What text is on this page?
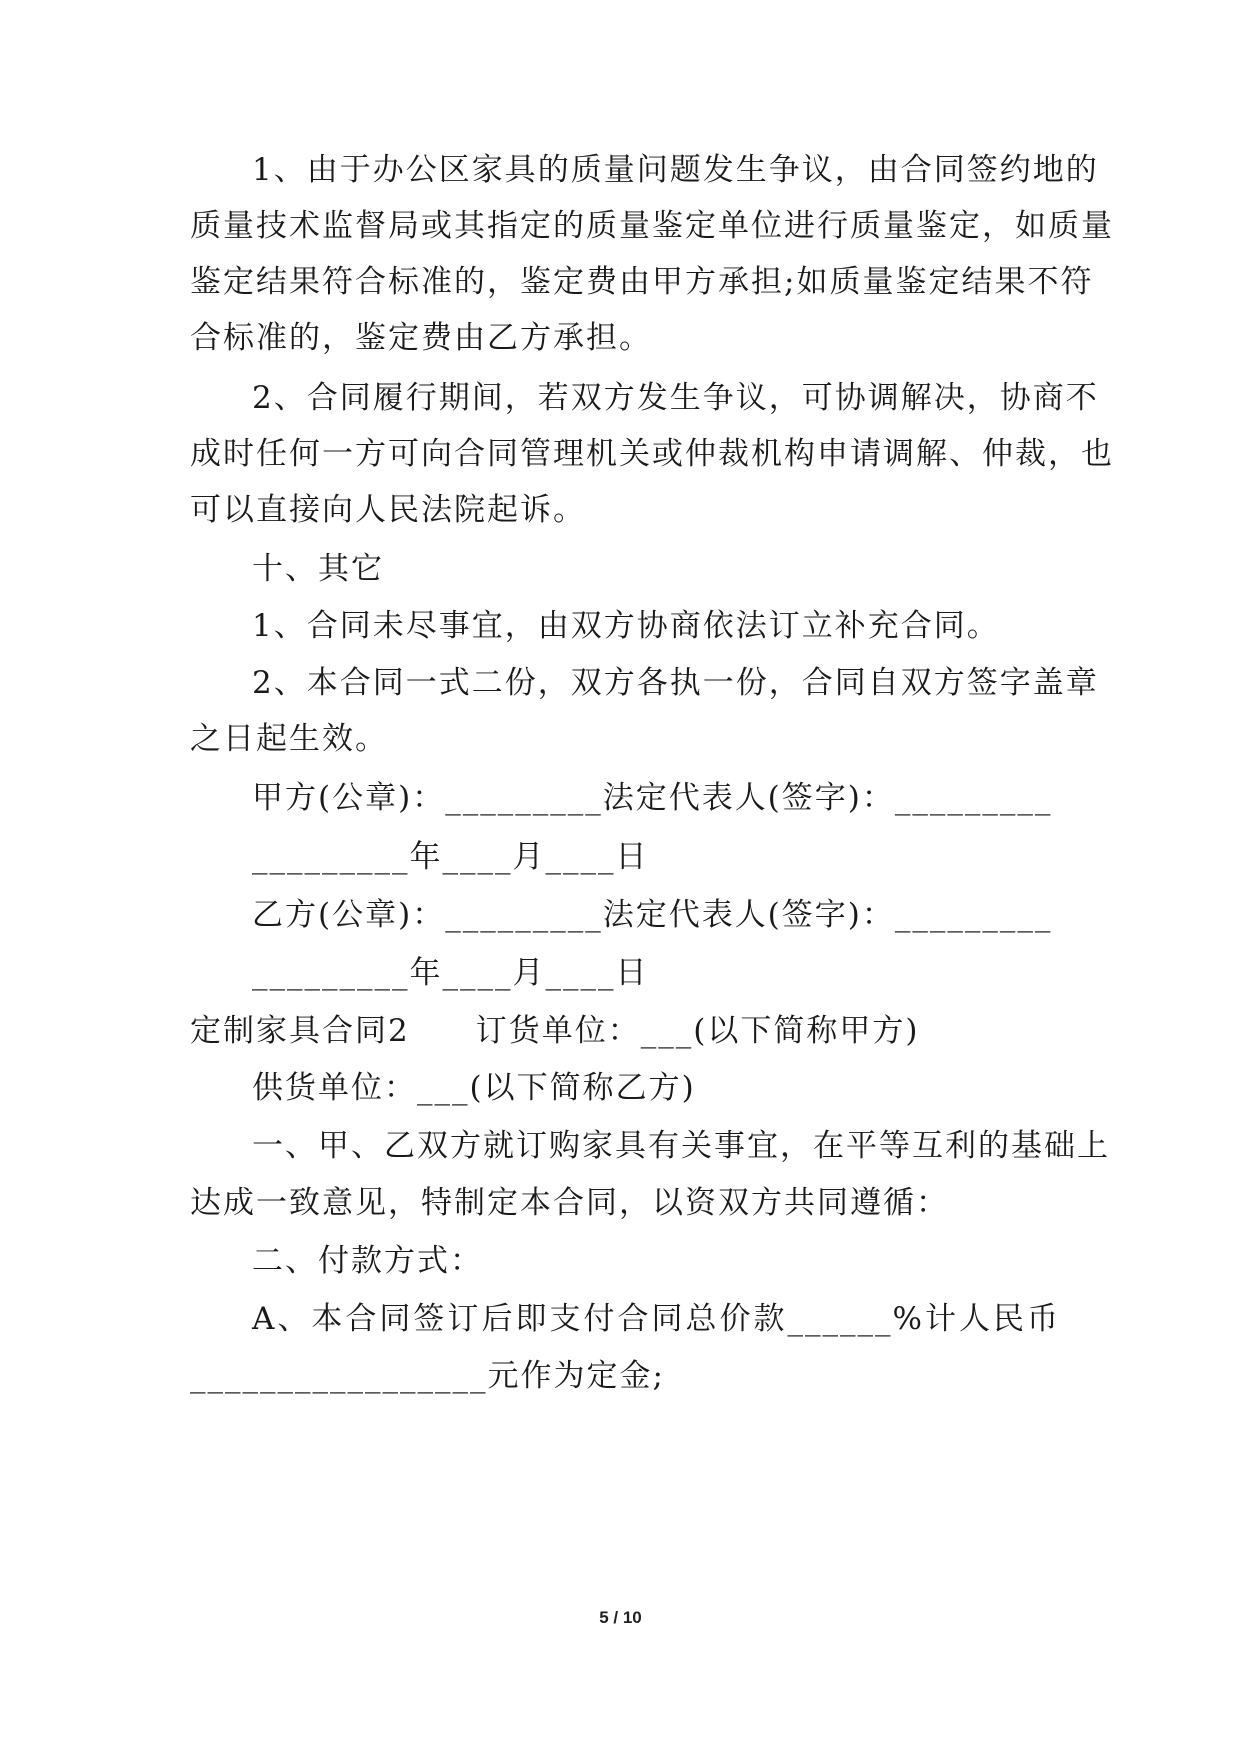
1、由于办公区家具的质量问题发生争议，由合同签约地的
质量技术监督局或其指定的质量鉴定单位进行质量鉴定，如质量
鉴定结果符合标准的，鉴定费由甲方承担;如质量鉴定结果不符
合标准的，鉴定费由乙方承担。
2、合同履行期间，若双方发生争议，可协调解决，协商不
成时任何一方可向合同管理机关或仲裁机构申请调解、仲裁，也
可以直接向人民法院起诉。
十、其它
1、合同未尽事宜，由双方协商依法订立补充合同。
2、本合同一式二份，双方各执一份，合同自双方签字盖章
之日起生效。
甲方(公章)：_________法定代表人(签字)：_________
_________年____月____日
乙方(公章)：_________法定代表人(签字)：_________
_________年____月____日
定制家具合同2　　订货单位：___(以下简称甲方)
供货单位：___(以下简称乙方)
一、甲、乙双方就订购家具有关事宜，在平等互利的基础上
达成一致意见，特制定本合同，以资双方共同遵循：
二、付款方式：
A、本合同签订后即支付合同总价款______%计人民币
_________________元作为定金;
5 / 10
